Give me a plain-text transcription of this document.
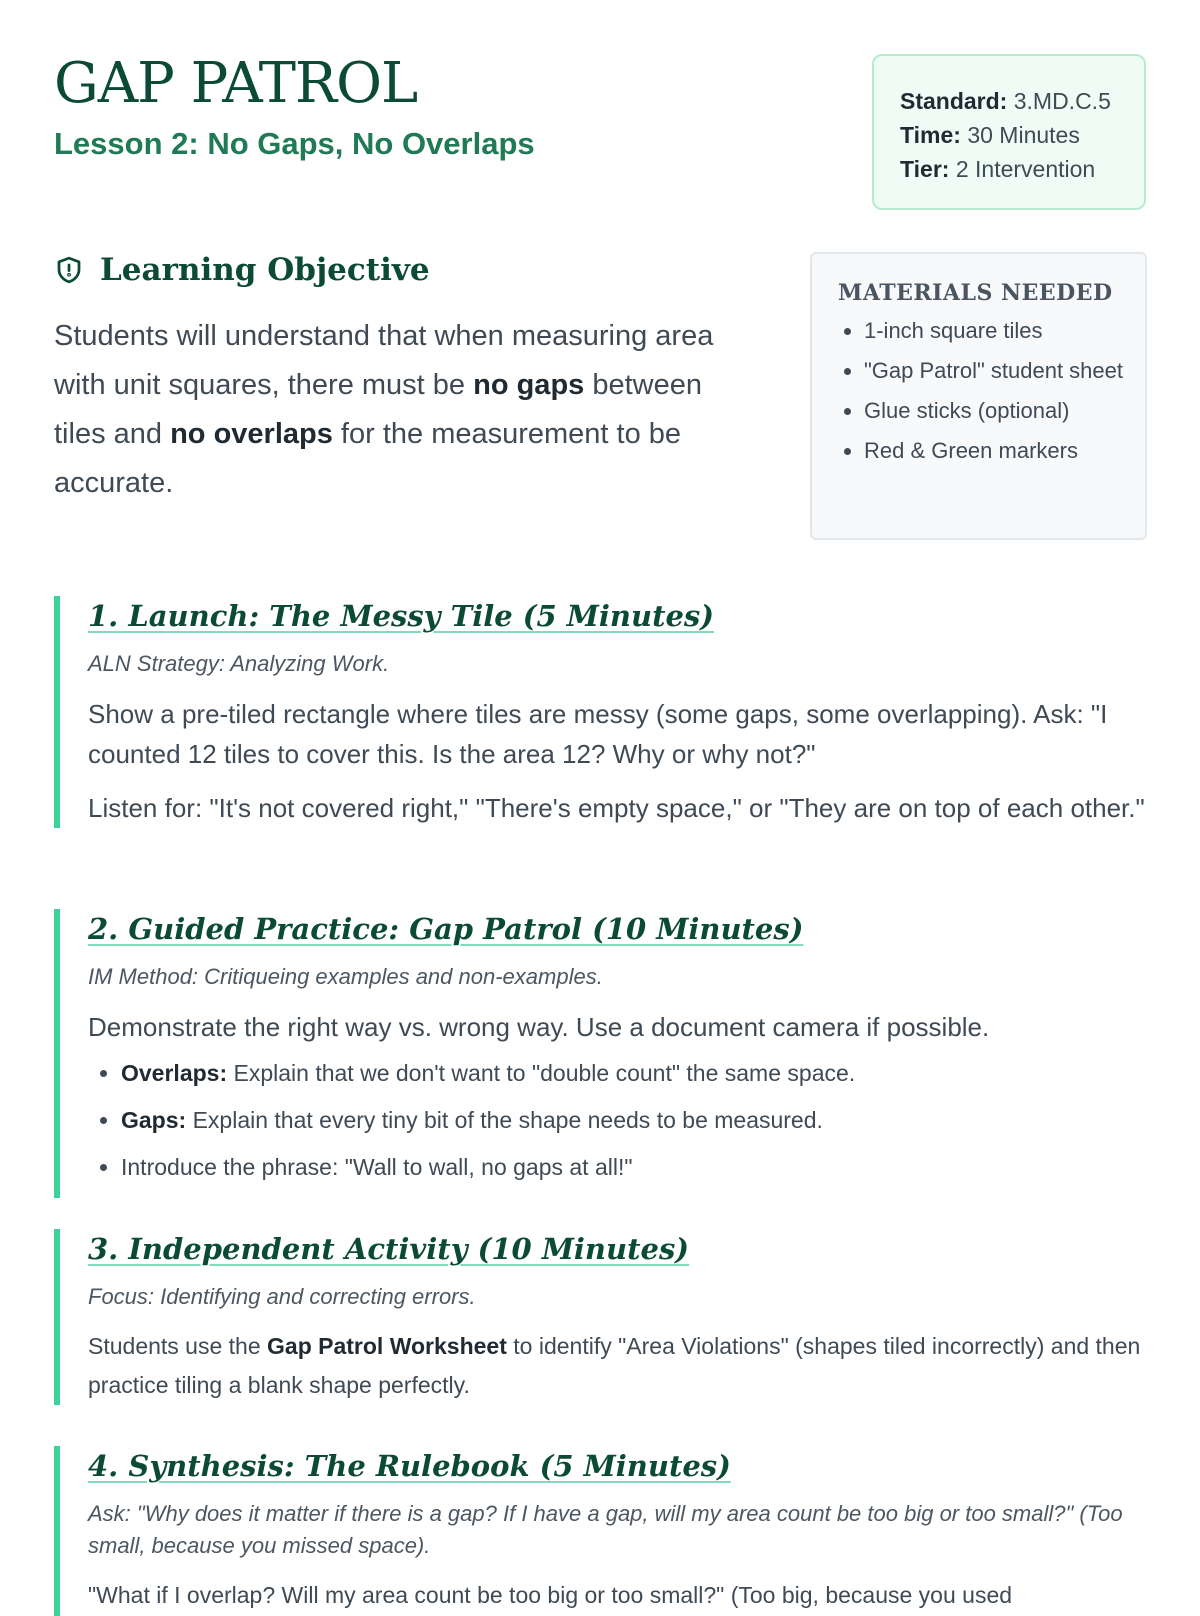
GAP PATROL
Lesson 2: No Gaps, No Overlaps
Standard: 3.MD.C.5
Time: 30 Minutes
Tier: 2 Intervention
Learning Objective
Students will understand that when measuring area with unit squares, there must be no gaps between tiles and no overlaps for the measurement to be accurate.
MATERIALS NEEDED
• 1-inch square tiles
• "Gap Patrol" student sheet
• Glue sticks (optional)
• Red & Green markers
1. Launch: The Messy Tile (5 Minutes)

ALN Strategy: Analyzing Work.

Show a pre-tiled rectangle where tiles are messy (some gaps, some overlapping). Ask: "I counted 12 tiles to cover this. Is the area 12? Why or why not?"

Listen for: "It's not covered right," "There's empty space," or "They are on top of each other."

2. Guided Practice: Gap Patrol (10 Minutes)

IM Method: Critiqueing examples and non-examples.

Demonstrate the right way vs. wrong way. Use a document camera if possible.

• Overlaps: Explain that we don't want to "double count" the same space.
• Gaps: Explain that every tiny bit of the shape needs to be measured.
• Introduce the phrase: "Wall to wall, no gaps at all!"
3. Independent Activity (10 Minutes)

Focus: Identifying and correcting errors.

Students use the Gap Patrol Worksheet to identify "Area Violations" (shapes tiled incorrectly) and then practice tiling a blank shape perfectly.

4. Synthesis: The Rulebook (5 Minutes)

Ask: "Why does it matter if there is a gap? If I have a gap, will my area count be too big or too small?" (Too small, because you missed space).

"What if I overlap? Will my area count be too big or too small?" (Too big, because you used
